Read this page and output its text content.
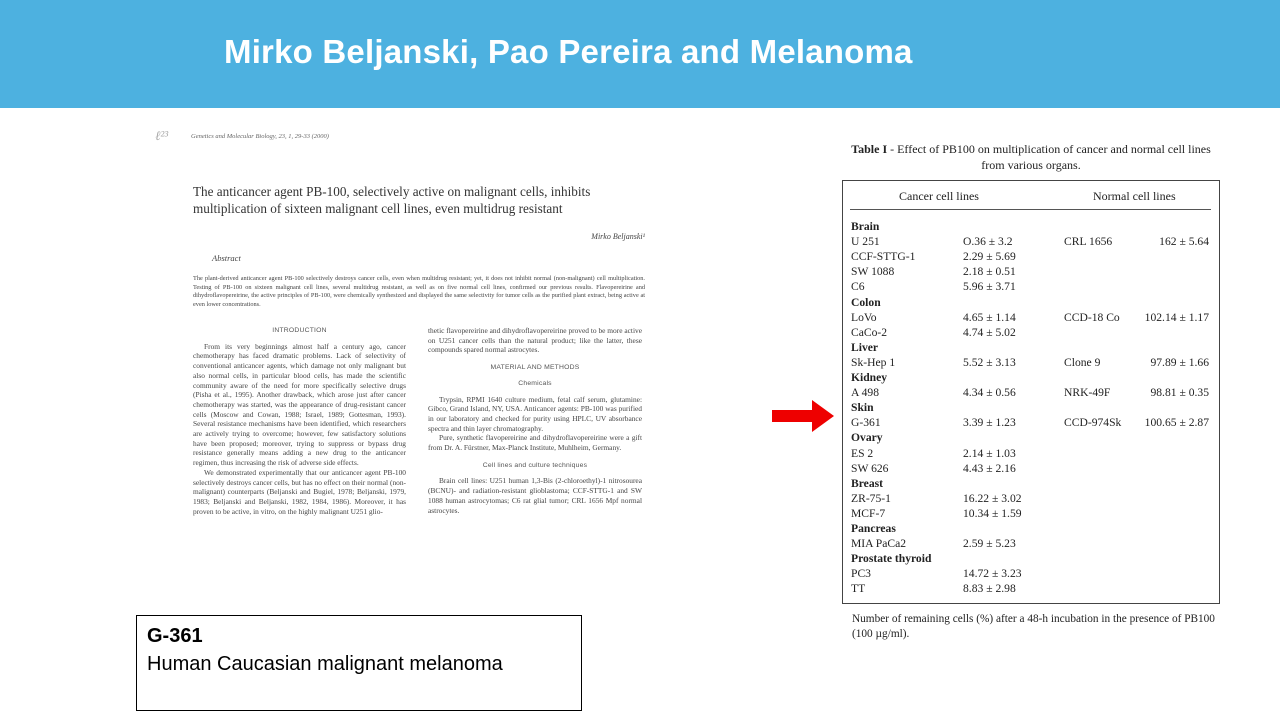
Mirko Beljanski, Pao Pereira and Melanoma
ℓ²³	Genetics and Molecular Biology, 23, 1, 29-33 (2000)
The anticancer agent PB-100, selectively active on malignant cells, inhibits multiplication of sixteen malignant cell lines, even multidrug resistant
Mirko Beljanski¹
Abstract
The plant-derived anticancer agent PB-100 selectively destroys cancer cells, even when multidrug resistant; yet, it does not inhibit normal (non-malignant) cell multiplication. Testing of PB-100 on sixteen malignant cell lines, several multidrug resistant, as well as on five normal cell lines, confirmed our previous results. Flavopereirine and dihydroflavopereirine, the active principles of PB-100, were chemically synthesized and displayed the same selectivity for tumor cells as the purified plant extract, being active at even lower concentrations.
INTRODUCTION

From its very beginnings almost half a century ago, cancer chemotherapy has faced dramatic problems. Lack of selectivity of conventional anticancer agents, which damage not only malignant but also normal cells, in particular blood cells, has made the scientific community aware of the need for more specifically selective drugs (Pisha et al., 1995). Another drawback, which arose just after cancer chemotherapy was started, was the appearance of drug-resistant cancer cells (Moscow and Cowan, 1988; Israel, 1989; Gottesman, 1993). Several resistance mechanisms have been identified, which researchers are actively trying to overcome; however, few satisfactory solutions have been proposed; moreover, trying to suppress or bypass drug resistance generally means adding a new drug to the anticancer regimen, thus increasing the risk of adverse side effects.

We demonstrated experimentally that our anticancer agent PB-100 selectively destroys cancer cells, but has no effect on their normal (non-malignant) counterparts (Beljanski and Bugiel, 1978; Beljanski, 1979, 1983; Beljanski and Beljanski, 1982, 1984, 1986). Moreover, it has proven to be active, in vitro, on the highly malignant U251 glio-

thetic flavopereirine and dihydroflavopereirine proved to be more active on U251 cancer cells than the natural product; like the latter, these compounds spared normal astrocytes.

MATERIAL AND METHODS
Chemicals

Trypsin, RPMI 1640 culture medium, fetal calf serum, glutamine: Gibco, Grand Island, NY, USA. Anticancer agents: PB-100 was purified in our laboratory and checked for purity using HPLC, UV absorbance spectra and thin layer chromatography.

Pure, synthetic flavopereirine and dihydroflavopereirine were a gift from Dr. A. Fürstner, Max-Planck Institute, Muhlheim, Germany.

Cell lines and culture techniques

Brain cell lines: U251 human 1,3-Bis (2-chloroethyl)-1 nitrosourea (BCNU)- and radiation-resistant glioblastoma; CCF-STTG-1 and SW 1088 human astrocytomas; C6 rat glial tumor; CRL 1656 Mpf normal astrocytes.

G-361
Human Caucasian malignant melanoma
Table I - Effect of PB100 on multiplication of cancer and normal cell lines from various organs.
Cancer cell lines	Normal cell lines
Brain
U 251	O.36 ± 3.2	CRL 1656	162 ± 5.64
CCF-STTG-1	2.29 ± 5.69
SW 1088	2.18 ± 0.51
C6	5.96 ± 3.71
Colon
LoVo	4.65 ± 1.14	CCD-18 Co	102.14 ± 1.17
CaCo-2	4.74 ± 5.02
Liver
Sk-Hep 1	5.52 ± 3.13	Clone 9	97.89 ± 1.66
Kidney
A 498	4.34 ± 0.56	NRK-49F	98.81 ± 0.35
Skin
G-361	3.39 ± 1.23	CCD-974Sk	100.65 ± 2.87
Ovary
ES 2	2.14 ± 1.03
SW 626	4.43 ± 2.16
Breast
ZR-75-1	16.22 ± 3.02
MCF-7	10.34 ± 1.59
Pancreas
MIA PaCa2	2.59 ± 5.23
Prostate thyroid
PC3	14.72 ± 3.23
TT	8.83 ± 2.98
Number of remaining cells (%) after a 48-h incubation in the presence of PB100 (100 µg/ml).
